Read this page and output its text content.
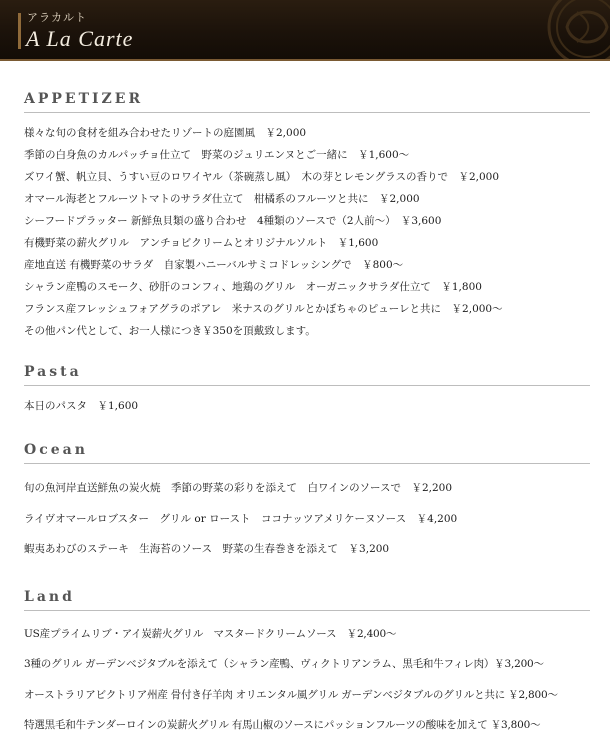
アラカルト
A La Carte
APPETIZER
様々な旬の食材を組み合わせたリゾートの庭園風　￥2,000
季節の白身魚のカルパッチョ仕立て　野菜のジュリエンヌとご一緒に　￥1,600～
ズワイ蟹、帆立貝、うすい豆のロワイヤル（茶碗蒸し風）　木の芽とレモングラスの香りで　￥2,000
オマール海老とフルーツトマトのサラダ仕立て　柑橘系のフルーツと共に　￥2,000
シーフードプラッター 新鮮魚貝類の盛り合わせ　4種類のソースで（2人前～）　￥3,600
有機野菜の薪火グリル　アンチョビクリームとオリジナルソルト　￥1,600
産地直送 有機野菜のサラダ　自家製ハニーバルサミコドレッシングで　￥800～
シャラン産鴨のスモーク、砂肝のコンフィ、地鶏のグリル　オーガニックサラダ仕立て　￥1,800
フランス産フレッシュフォアグラのポアレ　米ナスのグリルとかぼちゃのピューレと共に　￥2,000～
その他パン代として、お一人様につき￥350を頂戴致します。
Pasta
本日のパスタ　￥1,600
Ocean
旬の魚河岸直送鮮魚の炭火焼　季節の野菜の彩りを添えて　白ワインのソースで　￥2,200
ライヴオマールロブスター　グリル or ロースト　ココナッツアメリケーヌソース　￥4,200
蝦夷あわびのステーキ　生海苔のソース　野菜の生春巻きを添えて　￥3,200
Land
US産プライムリブ・アイ炭薪火グリル　マスタードクリームソース　￥2,400～
3種のグリル ガーデンベジタブルを添えて（シャラン産鴨、ヴィクトリアンラム、黒毛和牛フィレ肉）￥3,200～
オーストラリアビクトリア州産 骨付き仔羊肉 オリエンタル風グリル ガーデンベジタブルのグリルと共に ￥2,800～
特選黒毛和牛テンダーロインの炭薪火グリル 有馬山椒のソースにパッションフルーツの酸味を加えて ￥3,800～
